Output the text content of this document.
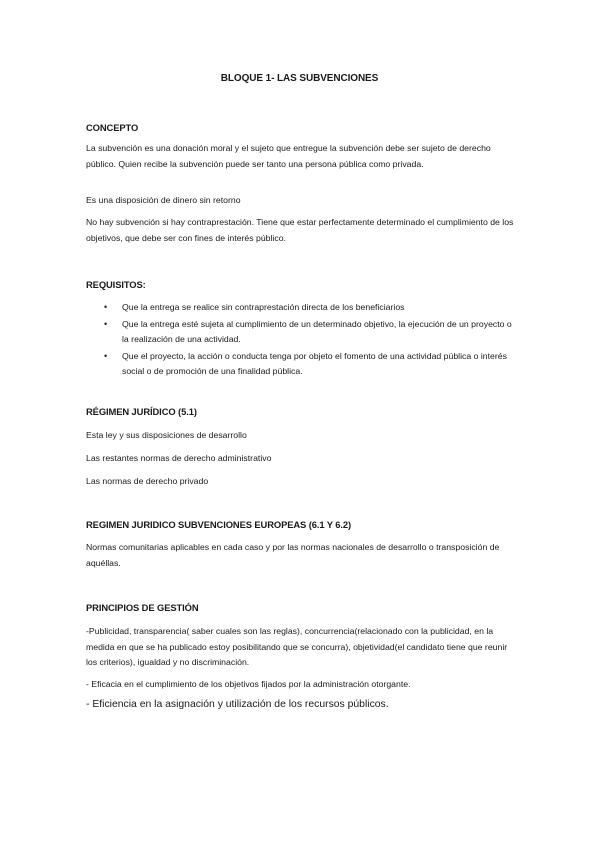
BLOQUE 1- LAS SUBVENCIONES
CONCEPTO
La subvención es una donación moral y el sujeto que entregue la subvención debe ser sujeto de derecho público. Quien recibe la subvención puede ser tanto una persona pública como privada.
Es una disposición de dinero sin retorno
No hay subvención si hay contraprestación. Tiene que estar perfectamente determinado el cumplimiento de los objetivos, que debe ser con fines de interés público.
REQUISITOS:
• Que la entrega se realice sin contraprestación directa de los beneficiarios
• Que la entrega esté sujeta al cumplimiento de un determinado objetivo, la ejecución de un proyecto o la realización de una actividad.
• Que el proyecto, la acción o conducta tenga por objeto el fomento de una actividad pública o interés social o de promoción de una finalidad pública.
RÉGIMEN JURÍDICO (5.1)
Esta ley y sus disposiciones de desarrollo
Las restantes normas de derecho administrativo
Las normas de derecho privado
REGIMEN JURIDICO SUBVENCIONES EUROPEAS (6.1 Y 6.2)
Normas comunitarias aplicables en cada caso y por las normas nacionales de desarrollo o transposición de aquéllas.
PRINCIPIOS DE GESTIÓN
-Publicidad, transparencia( saber cuales son las reglas), concurrencia(relacionado con la publicidad, en la medida en que se ha publicado estoy posibilitando que se concurra), objetividad(el candidato tiene que reunir los criterios), igualdad y no discriminación.
- Eficacia en el cumplimiento de los objetivos fijados por la administración otorgante.
- Eficiencia en la asignación y utilización de los recursos públicos.
